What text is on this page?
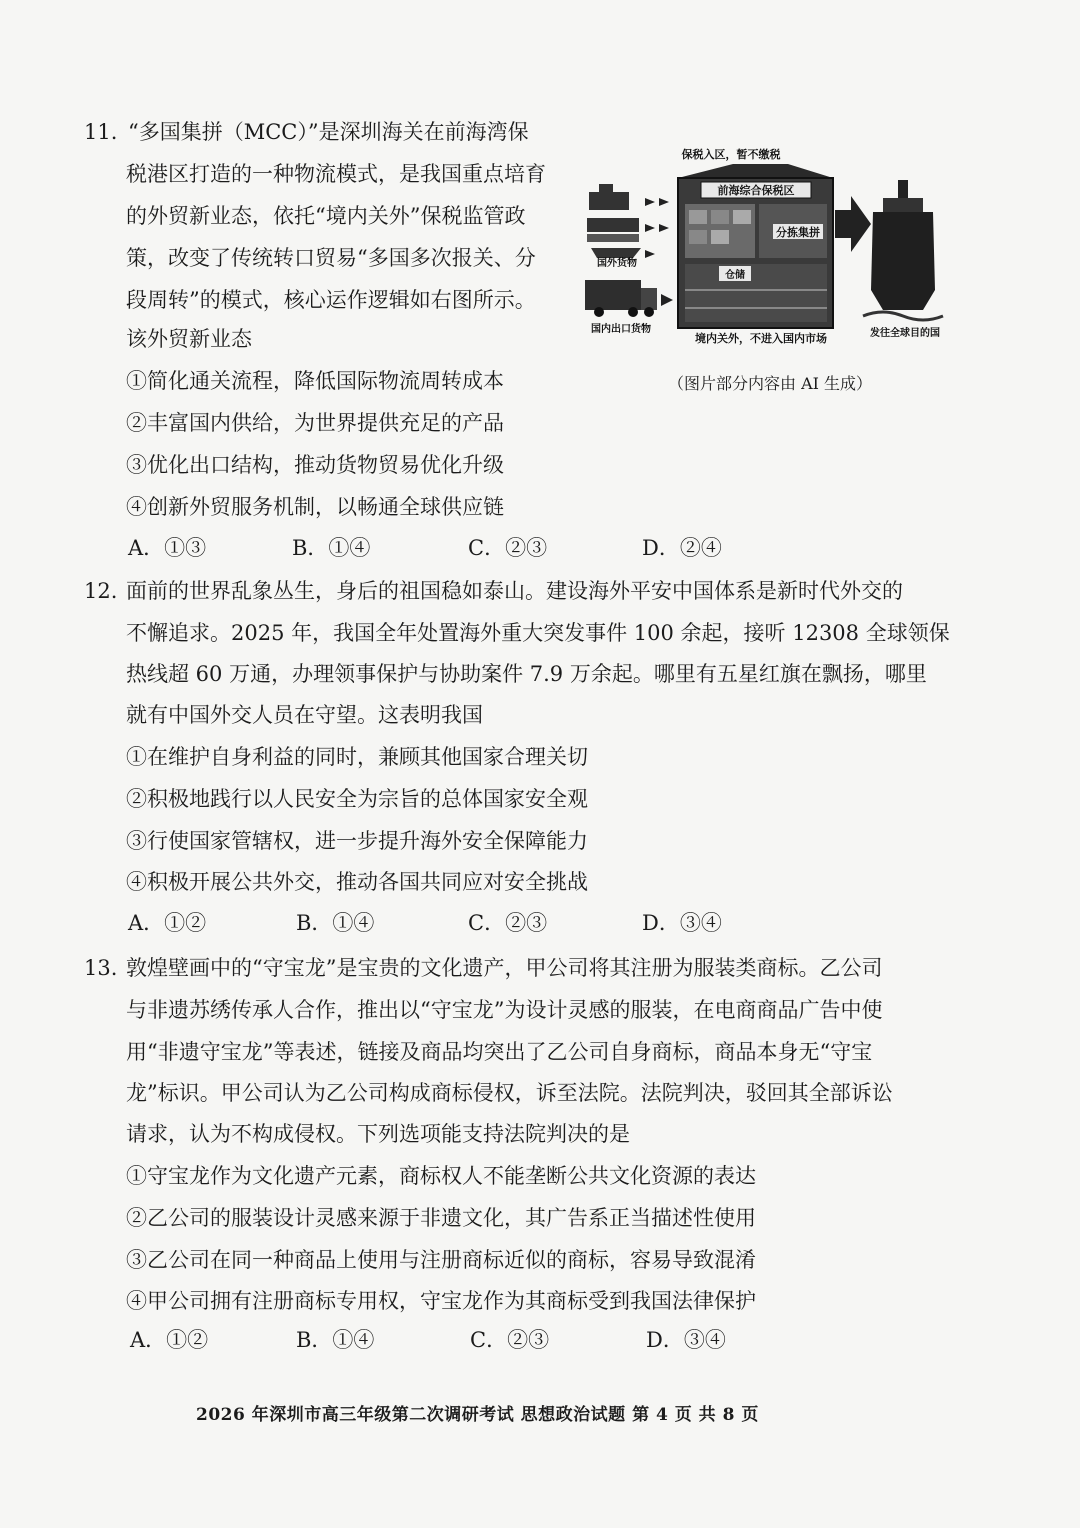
11. “多国集拼（MCC）”是深圳海关在前海湾保
税港区打造的一种物流模式，是我国重点培育
的外贸新业态，依托“境内关外”保税监管政
策，改变了传统转口贸易“多国多次报关、分
段周转”的模式，核心运作逻辑如右图所示。
该外贸新业态
①简化通关流程，降低国际物流周转成本
②丰富国内供给，为世界提供充足的产品
③优化出口结构，推动货物贸易优化升级
④创新外贸服务机制，以畅通全球供应链
A．①③	B．①④	C．②③	D．②④
保税入区，暂不缴税
前海综合保税区
分拣集拼
仓储
境内关外，不进入国内市场
国外货物
国内出口货物	发往全球目的国
（图片部分内容由 AI 生成）
12. 面前的世界乱象丛生，身后的祖国稳如泰山。建设海外平安中国体系是新时代外交的
不懈追求。2025 年，我国全年处置海外重大突发事件 100 余起，接听 12308 全球领保
热线超 60 万通，办理领事保护与协助案件 7.9 万余起。哪里有五星红旗在飘扬，哪里
就有中国外交人员在守望。这表明我国
①在维护自身利益的同时，兼顾其他国家合理关切
②积极地践行以人民安全为宗旨的总体国家安全观
③行使国家管辖权，进一步提升海外安全保障能力
④积极开展公共外交，推动各国共同应对安全挑战
A．①②	B．①④	C．②③	D．③④
13. 敦煌壁画中的“守宝龙”是宝贵的文化遗产，甲公司将其注册为服装类商标。乙公司
与非遗苏绣传承人合作，推出以“守宝龙”为设计灵感的服装，在电商商品广告中使
用“非遗守宝龙”等表述，链接及商品均突出了乙公司自身商标，商品本身无“守宝
龙”标识。甲公司认为乙公司构成商标侵权，诉至法院。法院判决，驳回其全部诉讼
请求，认为不构成侵权。下列选项能支持法院判决的是
①守宝龙作为文化遗产元素，商标权人不能垄断公共文化资源的表达
②乙公司的服装设计灵感来源于非遗文化，其广告系正当描述性使用
③乙公司在同一种商品上使用与注册商标近似的商标，容易导致混淆
④甲公司拥有注册商标专用权，守宝龙作为其商标受到我国法律保护
A．①②	B．①④	C．②③	D．③④
2026 年深圳市高三年级第二次调研考试 思想政治试题 第 4 页 共 8 页
